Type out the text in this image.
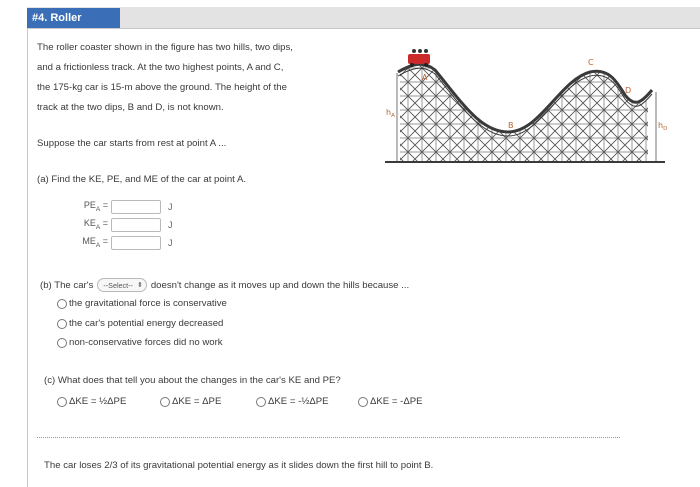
#4. Roller Coaster
The roller coaster shown in the figure has two hills, two dips,
and a frictionless track. At the two highest points, A and C,
the 175-kg car is 15-m above the ground. The height of the
track at the two dips, B and D, is not known.
A
B
C
D
$h_A$
$h_D$
Suppose the car starts from rest at point A ...
(a) Find the KE, PE, and ME of the car at point A.
$PE_A$ =	J
$KE_A$ =	J
$ME_A$ =	J
(b) The car's --Select-- ⬍ doesn't change as it moves up and down the hills because ...
the gravitational force is conservative
the car's potential energy decreased
non-conservative forces did no work
(c) What does that tell you about the changes in the car's KE and PE?
ΔKE = ½ΔPE	ΔKE = ΔPE	ΔKE = -½ΔPE	ΔKE = -ΔPE
The car loses 2/3 of its gravitational potential energy as it slides down the first hill to point B.
